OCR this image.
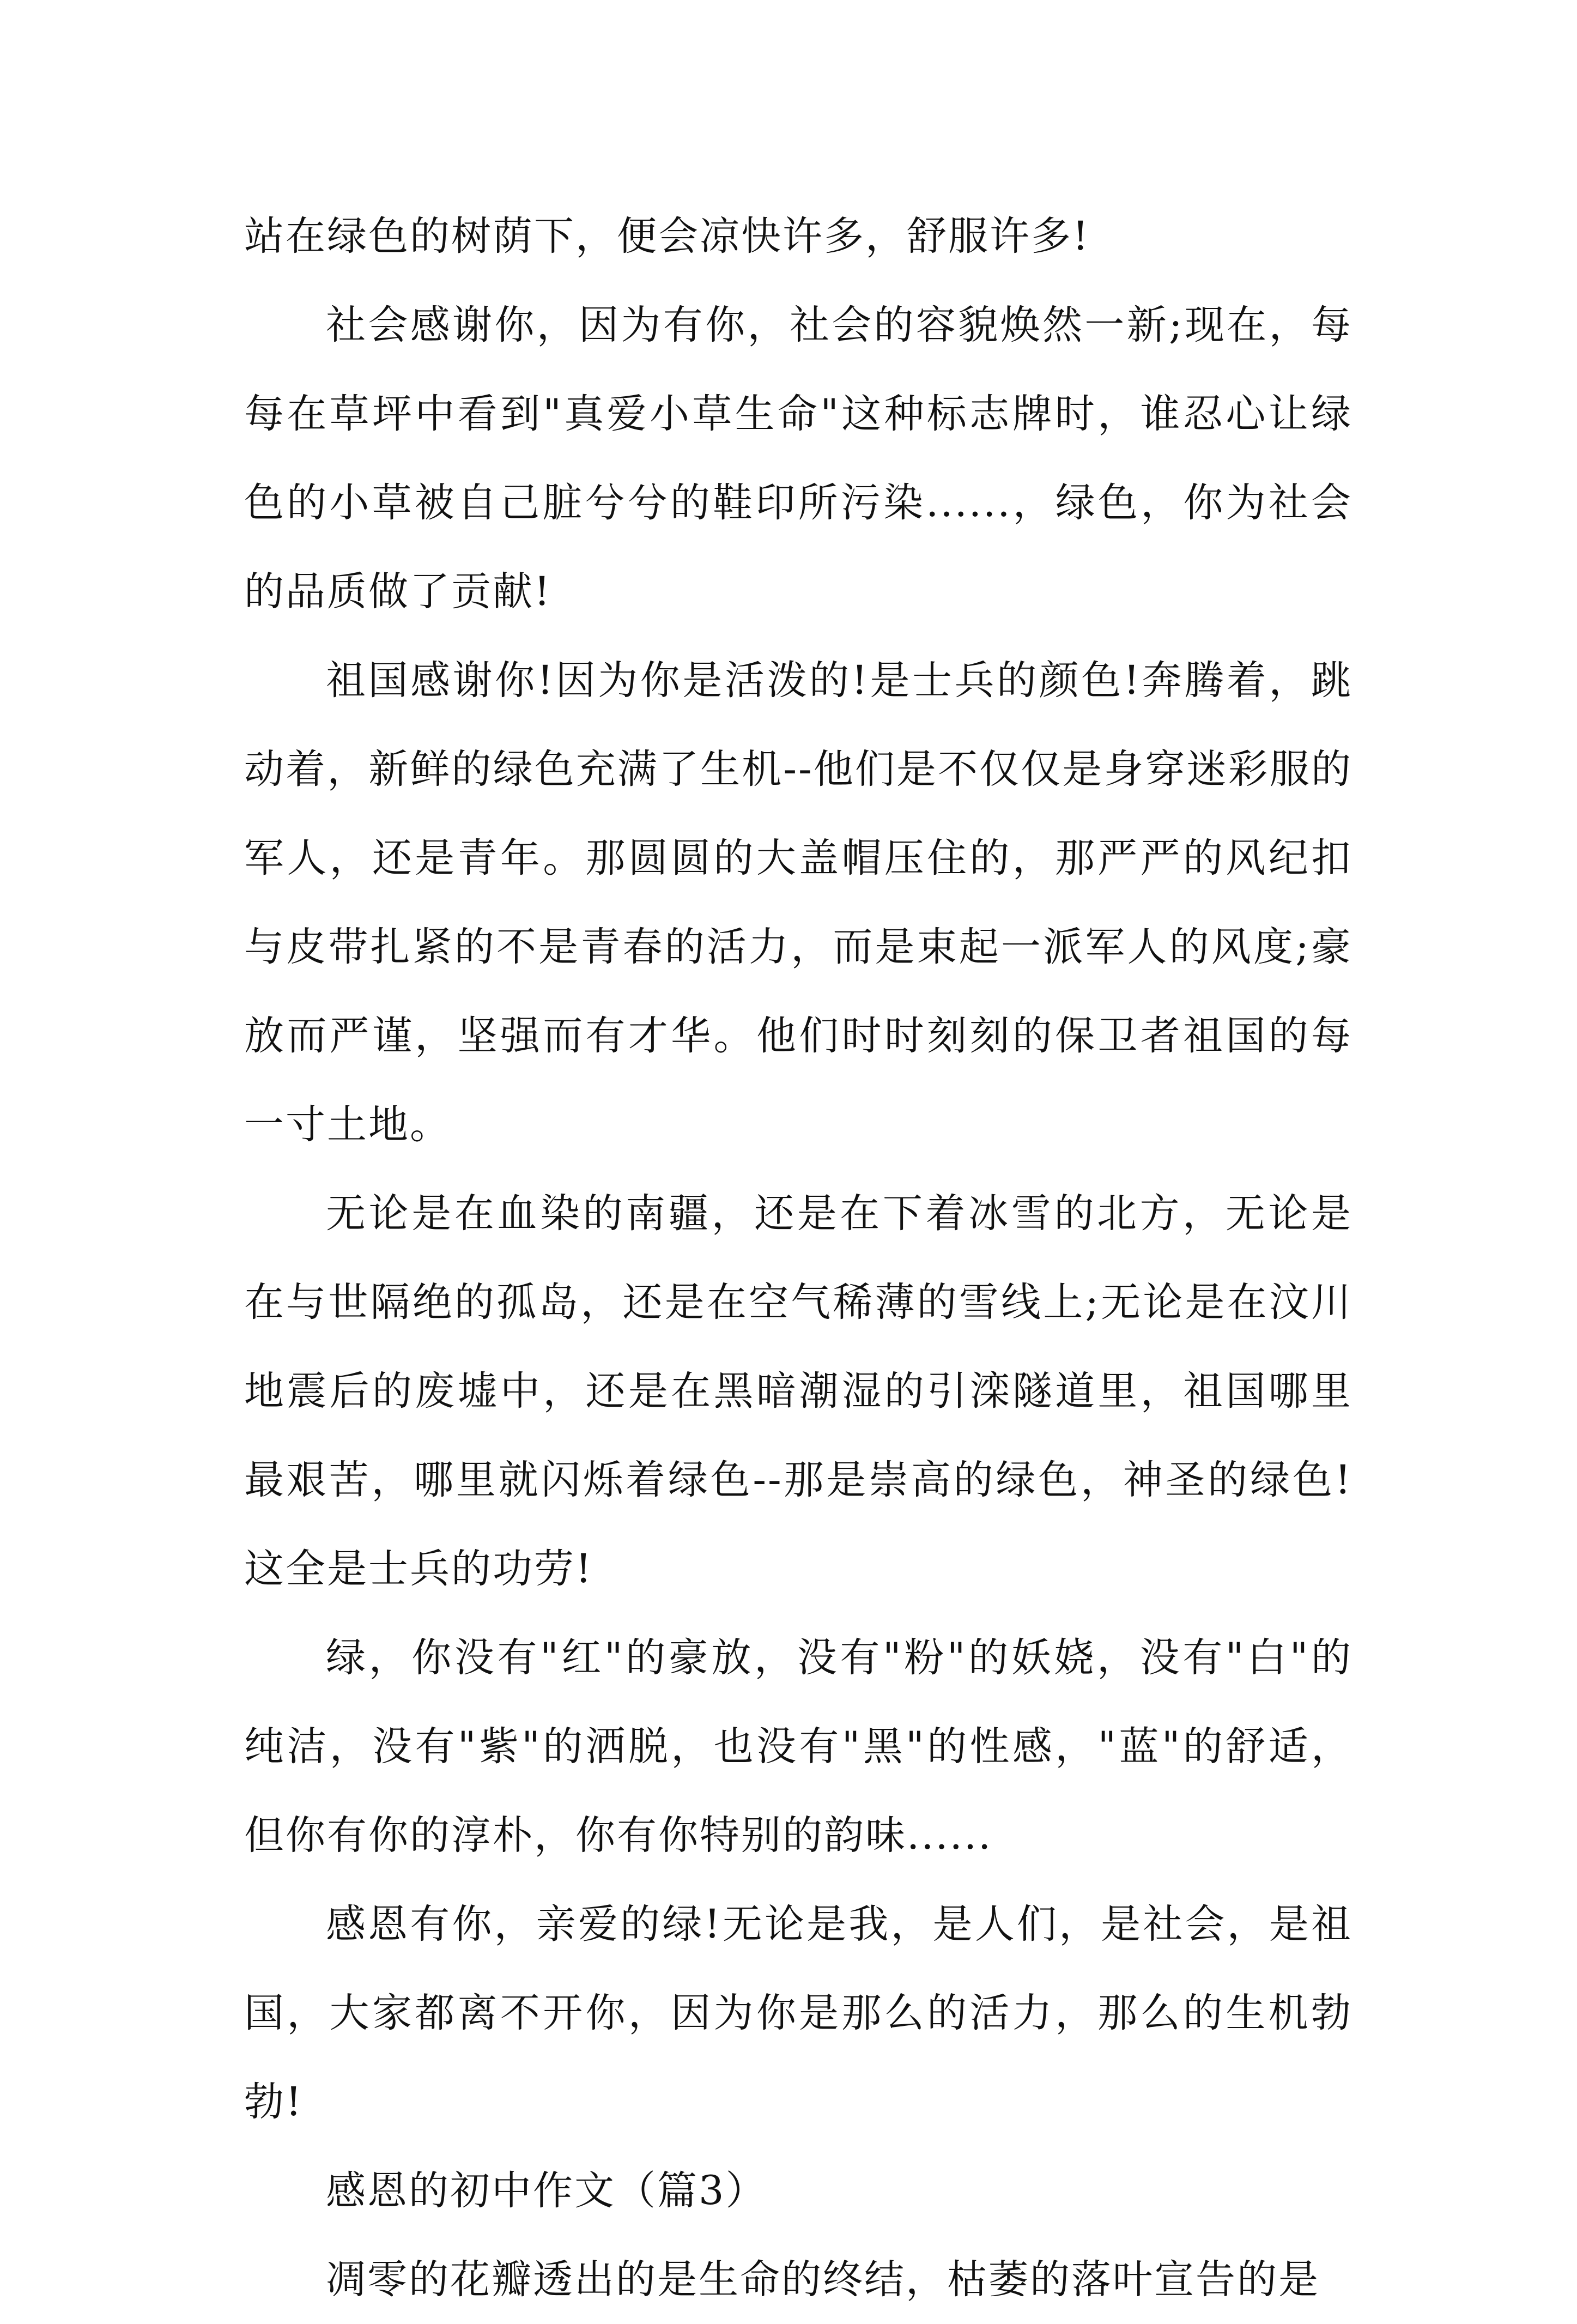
站在绿色的树荫下，便会凉快许多，舒服许多!

社会感谢你，因为有你，社会的容貌焕然一新;现在，每每在草坪中看到"真爱小草生命"这种标志牌时，谁忍心让绿色的小草被自己脏兮兮的鞋印所污染......，绿色，你为社会的品质做了贡献!

祖国感谢你!因为你是活泼的!是士兵的颜色!奔腾着，跳动着，新鲜的绿色充满了生机--他们是不仅仅是身穿迷彩服的军人，还是青年。那圆圆的大盖帽压住的，那严严的风纪扣与皮带扎紧的不是青春的活力，而是束起一派军人的风度;豪放而严谨，坚强而有才华。他们时时刻刻的保卫者祖国的每一寸土地。

无论是在血染的南疆，还是在下着冰雪的北方，无论是在与世隔绝的孤岛，还是在空气稀薄的雪线上;无论是在汶川地震后的废墟中，还是在黑暗潮湿的引滦隧道里，祖国哪里最艰苦，哪里就闪烁着绿色--那是崇高的绿色，神圣的绿色!这全是士兵的功劳!

绿，你没有"红"的豪放，没有"粉"的妖娆，没有"白"的纯洁，没有"紫"的洒脱，也没有"黑"的性感，"蓝"的舒适，但你有你的淳朴，你有你特别的韵味......

感恩有你，亲爱的绿!无论是我，是人们，是社会，是祖国，大家都离不开你，因为你是那么的活力，那么的生机勃勃!

感恩的初中作文（篇3）

凋零的花瓣透出的是生命的终结，枯萎的落叶宣告的是
